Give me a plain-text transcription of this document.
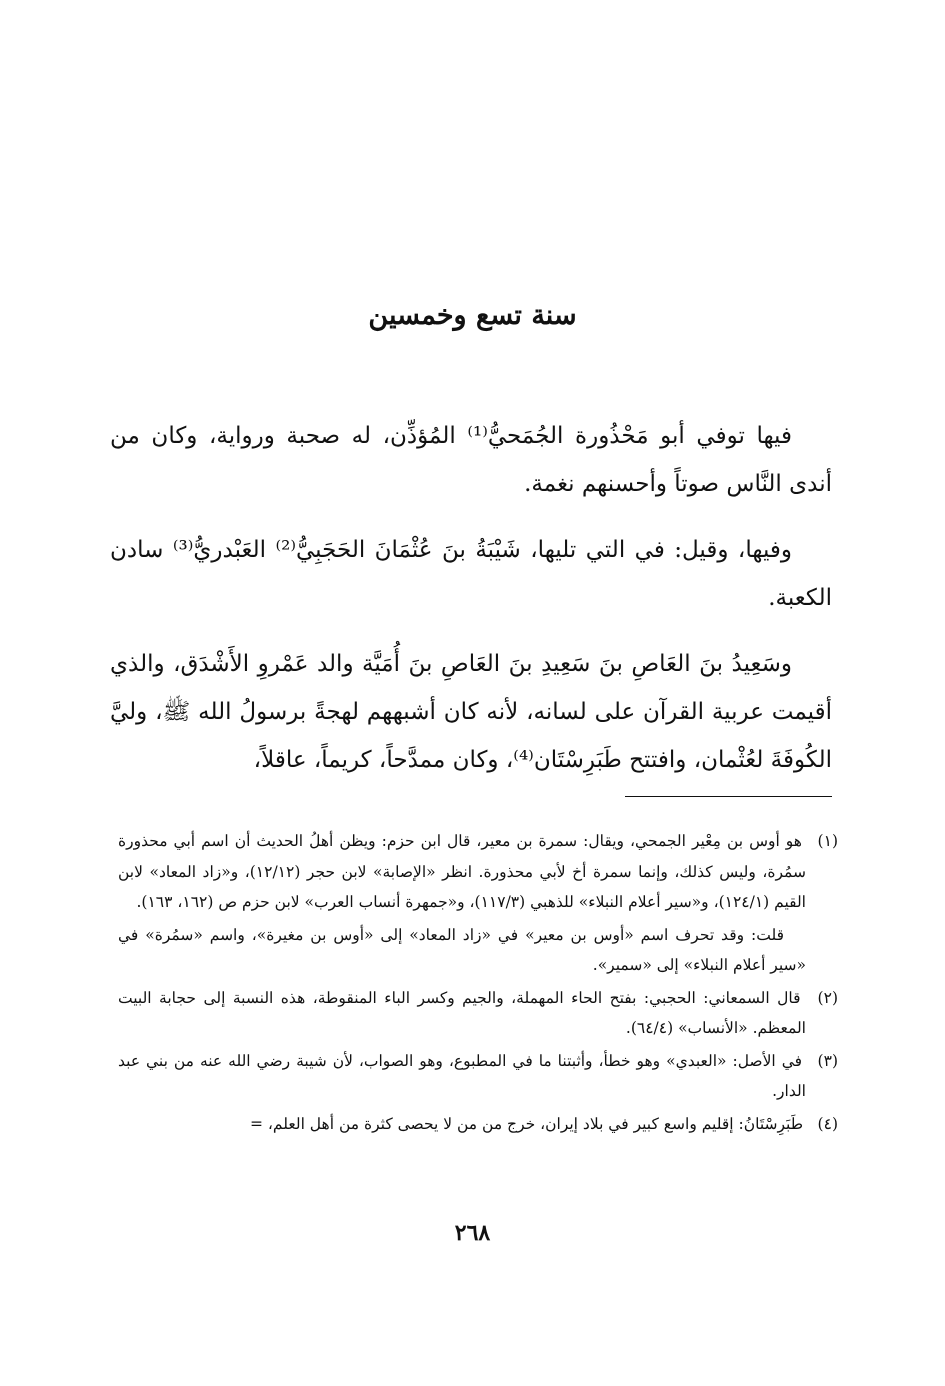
سنة تسع وخمسين

فيها توفي أبو مَحْذُورة الجُمَحيُّ⁽¹⁾ المُؤذِّن، له صحبة ورواية، وكان من أندى النَّاس صوتاً وأحسنهم نغمة.

وفيها، وقيل: في التي تليها، شَيْبَةُ بنَ عُثْمَانَ الحَجَبِيُّ⁽²⁾ العَبْدريُّ⁽³⁾ سادن الكعبة.

وسَعِيدُ بنَ العَاصِ بنَ سَعِيدِ بنَ العَاصِ بنَ أُمَيَّة والد عَمْروِ الأَشْدَق، والذي أقيمت عربية القرآن على لسانه، لأنه كان أشبههم لهجةً برسولُ الله ﷺ، وليَّ الكُوفَةَ لعُثْمان، وافتتح طَبَرِسْتَان⁽⁴⁾، وكان ممدَّحاً، كريماً، عاقلاً،

(١) هو أوس بن مِعْير الجمحي، ويقال: سمرة بن معير، قال ابن حزم: ويظن أهلُ الحديث أن اسم أبي محذورة سمُرة، وليس كذلك، وإنما سمرة أخ لأبي محذورة. انظر «الإصابة» لابن حجر (١٢/١٢)، و«زاد المعاد» لابن القيم (١٢٤/١)، و«سير أعلام النبلاء» للذهبي (١١٧/٣)، و«جمهرة أنساب العرب» لابن حزم ص (١٦٢، ١٦٣).
قلت: وقد تحرف اسم «أوس بن معير» في «زاد المعاد» إلى «أوس بن مغيرة»، واسم «سمُرة» في «سير أعلام النبلاء» إلى «سمير».
(٢) قال السمعاني: الحجبي: بفتح الحاء المهملة، والجيم وكسر الباء المنقوطة، هذه النسبة إلى حجابة البيت المعظم. «الأنساب» (٦٤/٤).
(٣) في الأصل: «العبدي» وهو خطأ، وأثبتنا ما في المطبوع، وهو الصواب، لأن شيبة رضي الله عنه من بني عبد الدار.
(٤) طَبَرِسْتَانُ: إقليم واسع كبير في بلاد إيران، خرج من من لا يحصى كثرة من أهل العلم، =
٢٦٨
